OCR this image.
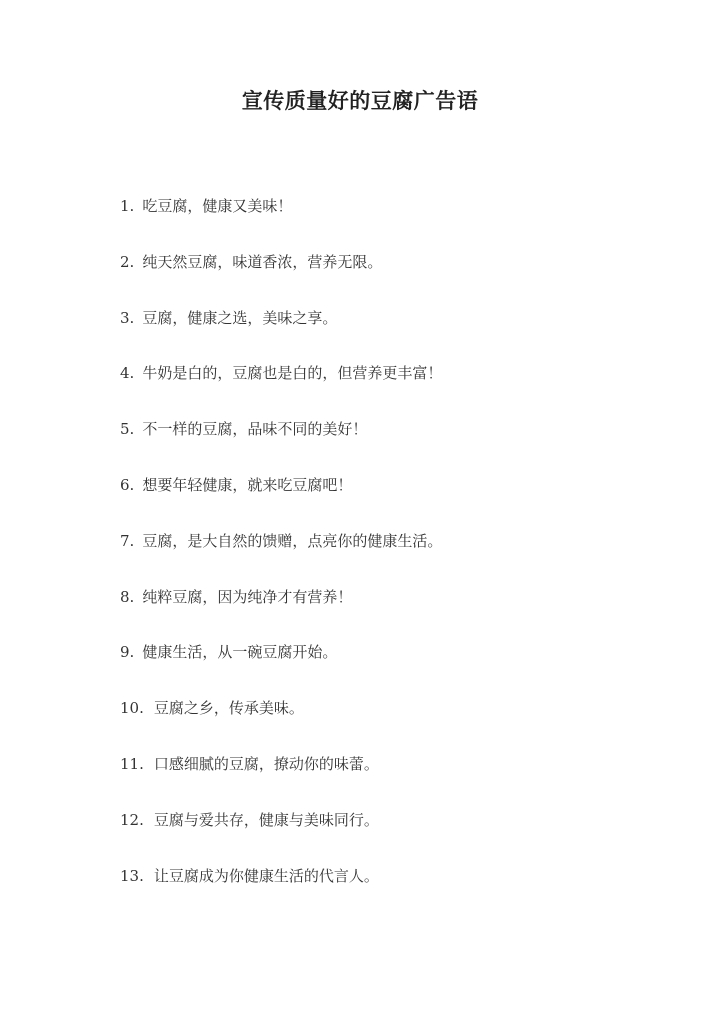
宣传质量好的豆腐广告语
1. 吃豆腐，健康又美味！
2. 纯天然豆腐，味道香浓，营养无限。
3. 豆腐，健康之选，美味之享。
4. 牛奶是白的，豆腐也是白的，但营养更丰富！
5. 不一样的豆腐，品味不同的美好！
6. 想要年轻健康，就来吃豆腐吧！
7. 豆腐，是大自然的馈赠，点亮你的健康生活。
8. 纯粹豆腐，因为纯净才有营养！
9. 健康生活，从一碗豆腐开始。
10. 豆腐之乡，传承美味。
11. 口感细腻的豆腐，撩动你的味蕾。
12. 豆腐与爱共存，健康与美味同行。
13. 让豆腐成为你健康生活的代言人。
